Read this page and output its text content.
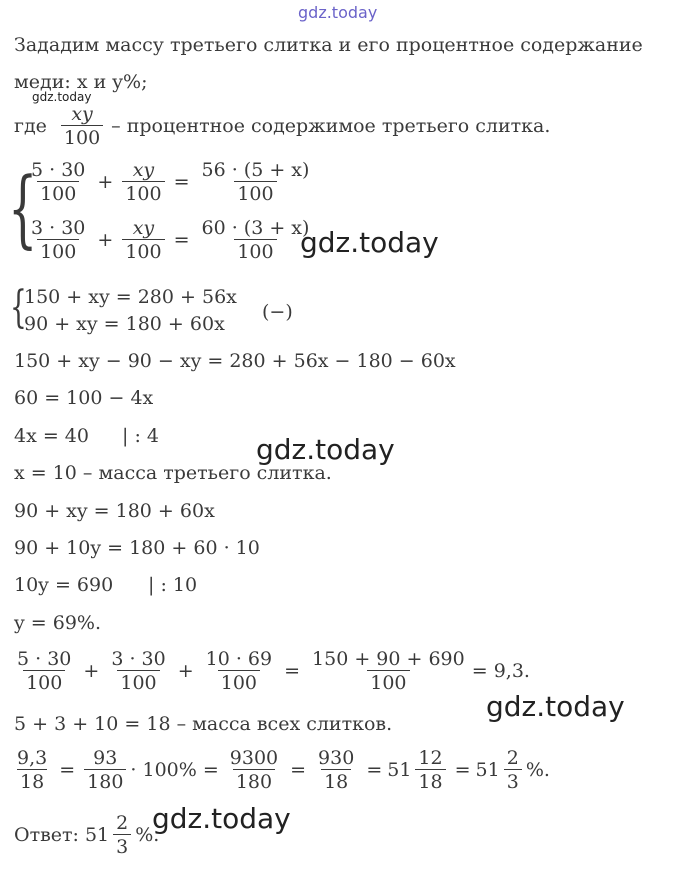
gdz.today
gdz.today
Зададим массу третьего слитка и его процентное содержание
меди: x и y%;
где $\frac{xy}{100}$ – процентное содержимое третьего слитка.
{
$\frac{5 \cdot 30}{100} + \frac{xy}{100} = \frac{56 \cdot (5 + x)}{100}$
$\frac{3 \cdot 30}{100} + \frac{xy}{100} = \frac{60 \cdot (3 + x)}{100}$
gdz.today
{
150 + xy = 280 + 56x
90 + xy = 180 + 60x
(−)
150 + xy − 90 − xy = 280 + 56x − 180 − 60x
60 = 100 − 4x
4x = 40 | : 4	gdz.today
x = 10 – масса третьего слитка.
90 + xy = 180 + 60x
90 + 10y = 180 + 60 · 10
10y = 690 | : 10
y = 69%.
$\frac{5 \cdot 30}{100} + \frac{3 \cdot 30}{100} + \frac{10 \cdot 69}{100} = \frac{150 + 90 + 690}{100} = 9,3$.
gdz.today
5 + 3 + 10 = 18 – масса всех слитков.
$\frac{9,3}{18} = \frac{93}{180} \cdot 100\% = \frac{9300}{180} = \frac{930}{18} = 51 \frac{12}{18} = 51 \frac{2}{3}$ %.
Ответ: $51 \frac{2}{3}$ %.
gdz.today
